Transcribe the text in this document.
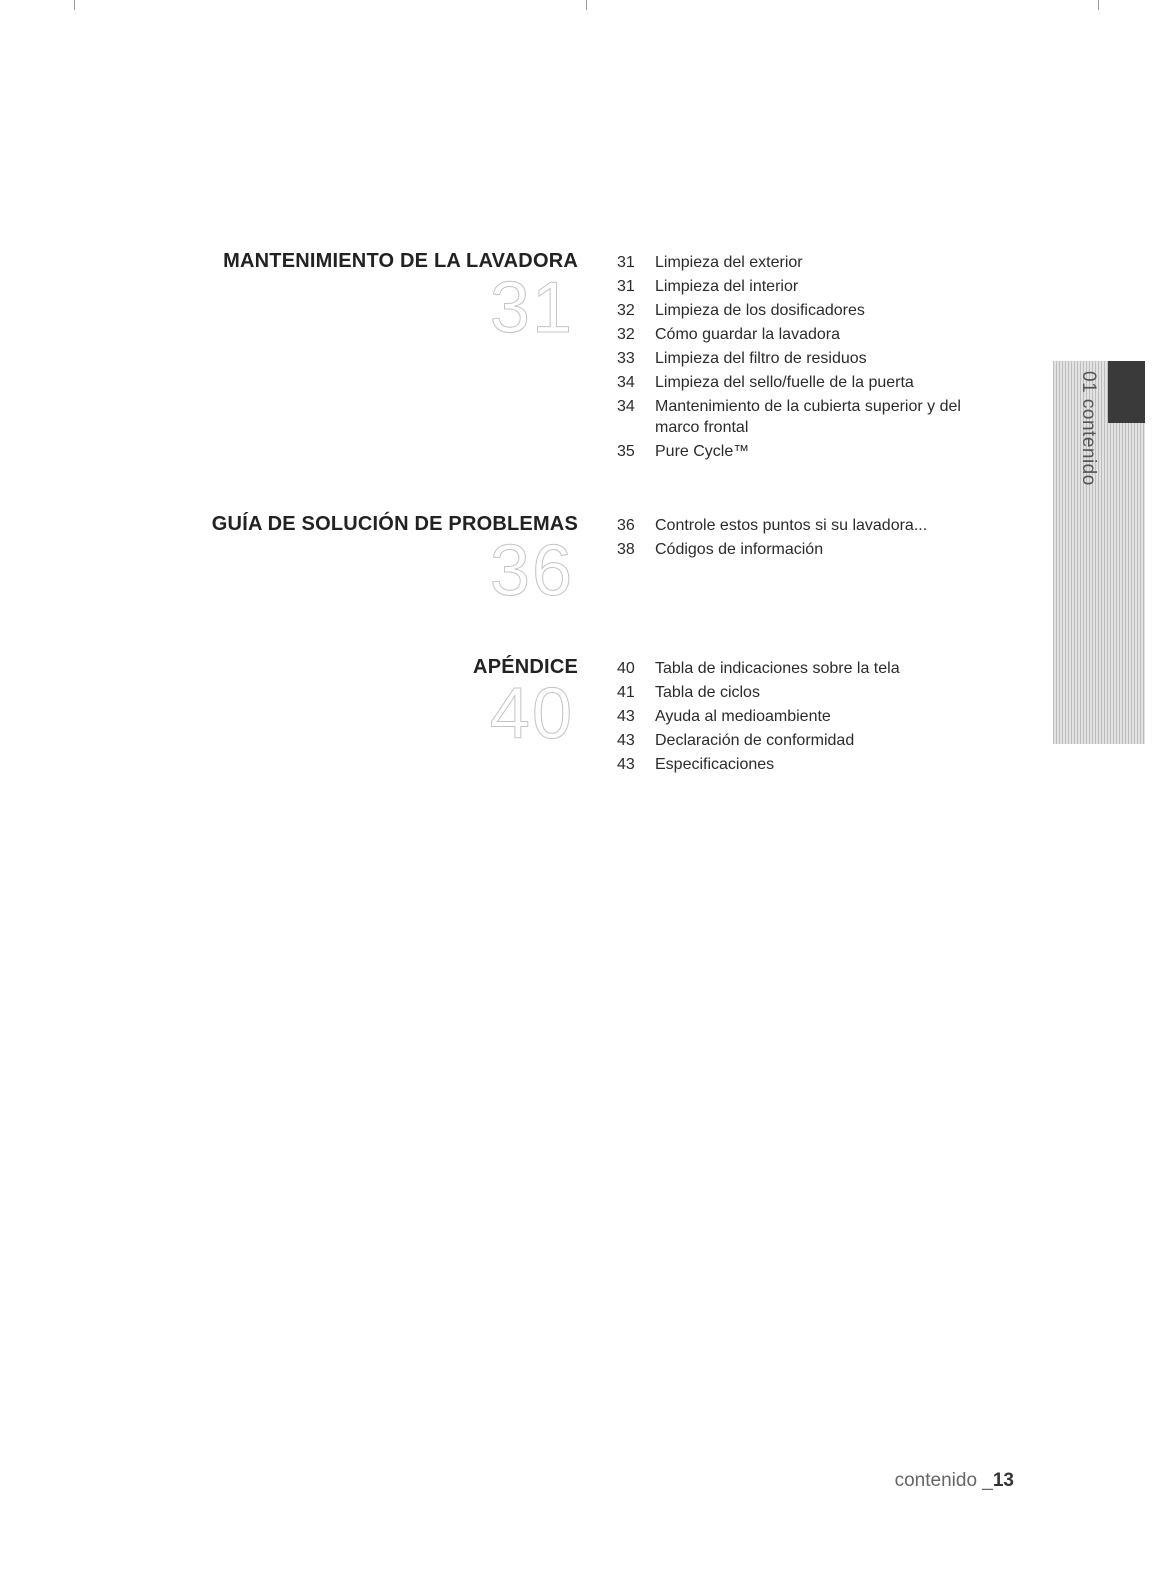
MANTENIMIENTO DE LA LAVADORA
31
31	Limpieza del exterior
31	Limpieza del interior
32	Limpieza de los dosificadores
32	Cómo guardar la lavadora
33	Limpieza del filtro de residuos
34	Limpieza del sello/fuelle de la puerta
34	Mantenimiento de la cubierta superior y del marco frontal
35	Pure Cycle™
GUÍA DE SOLUCIÓN DE PROBLEMAS
36
36	Controle estos puntos si su lavadora...
38	Códigos de información
APÉNDICE
40
40	Tabla de indicaciones sobre la tela
41	Tabla de ciclos
43	Ayuda al medioambiente
43	Declaración de conformidad
43	Especificaciones
01 contenido
contenido _13
